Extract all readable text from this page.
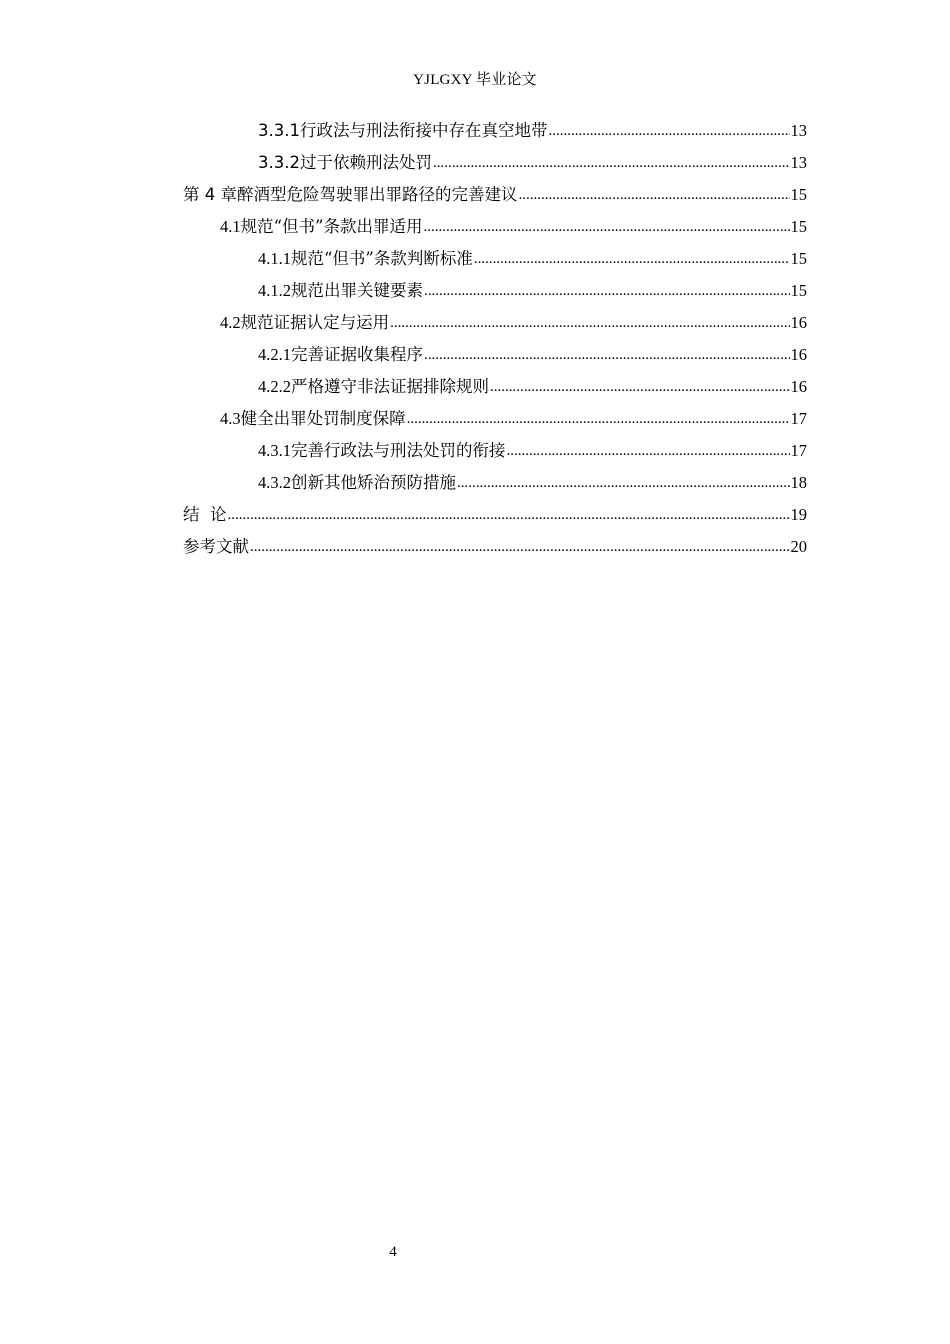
YJLGXY 毕业论文
3.3.1 行政法与刑法衔接中存在真空地带 .....	13
3.3.2 过于依赖刑法处罚 .....	13
第 4 章 醉酒型危险驾驶罪出罪路径的完善建议 .....	15
4.1 规范“但书”条款出罪适用 .....	15
4.1.1 规范“但书”条款判断标准 .....	15
4.1.2 规范出罪关键要素 .....	15
4.2 规范证据认定与运用 .....	16
4.2.1 完善证据收集程序 .....	16
4.2.2 严格遵守非法证据排除规则 .....	16
4.3 健全出罪处罚制度保障 .....	17
4.3.1 完善行政法与刑法处罚的衔接 .....	17
4.3.2 创新其他矫治预防措施 .....	18
结  论 .....	19
参考文献 .....	20
4
